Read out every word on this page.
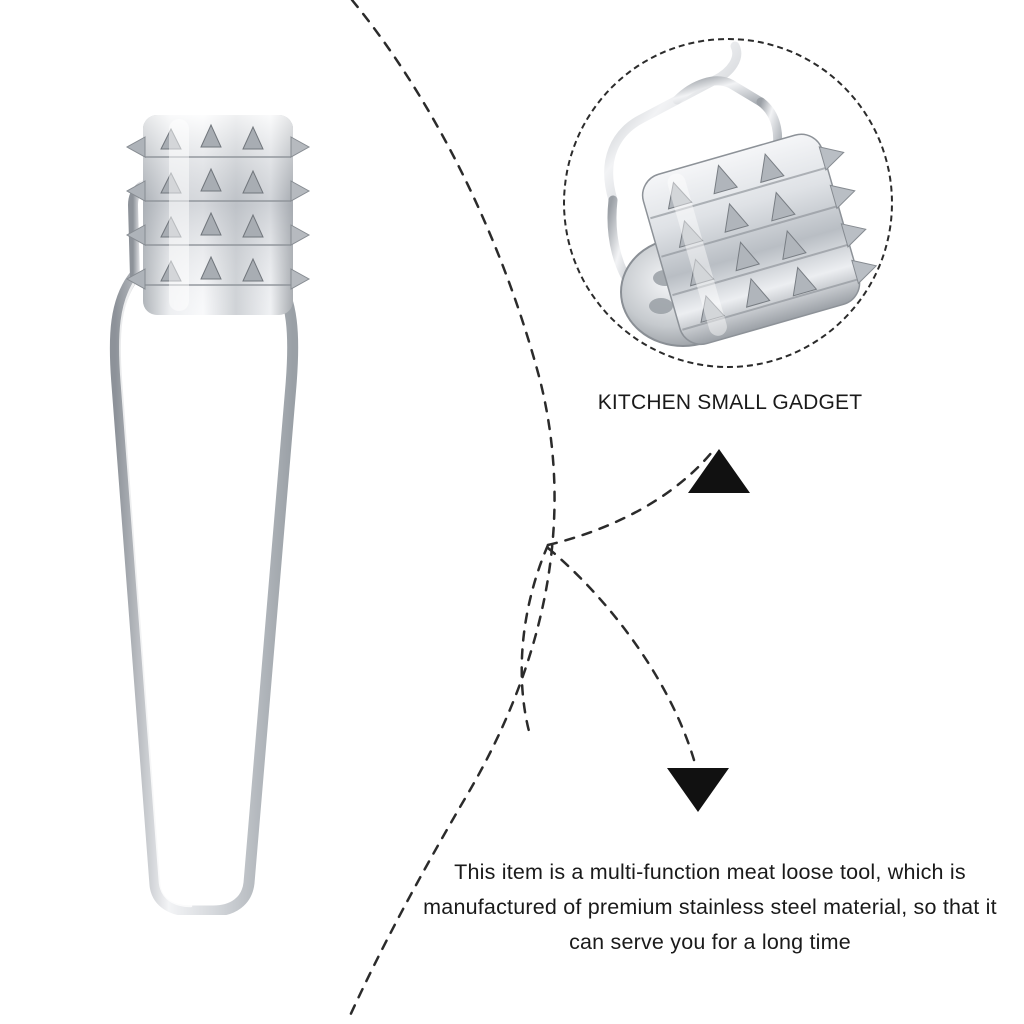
KITCHEN SMALL GADGET
This item is a multi-function meat loose tool, which is manufactured of premium stainless steel material, so that it can serve you for a long time
